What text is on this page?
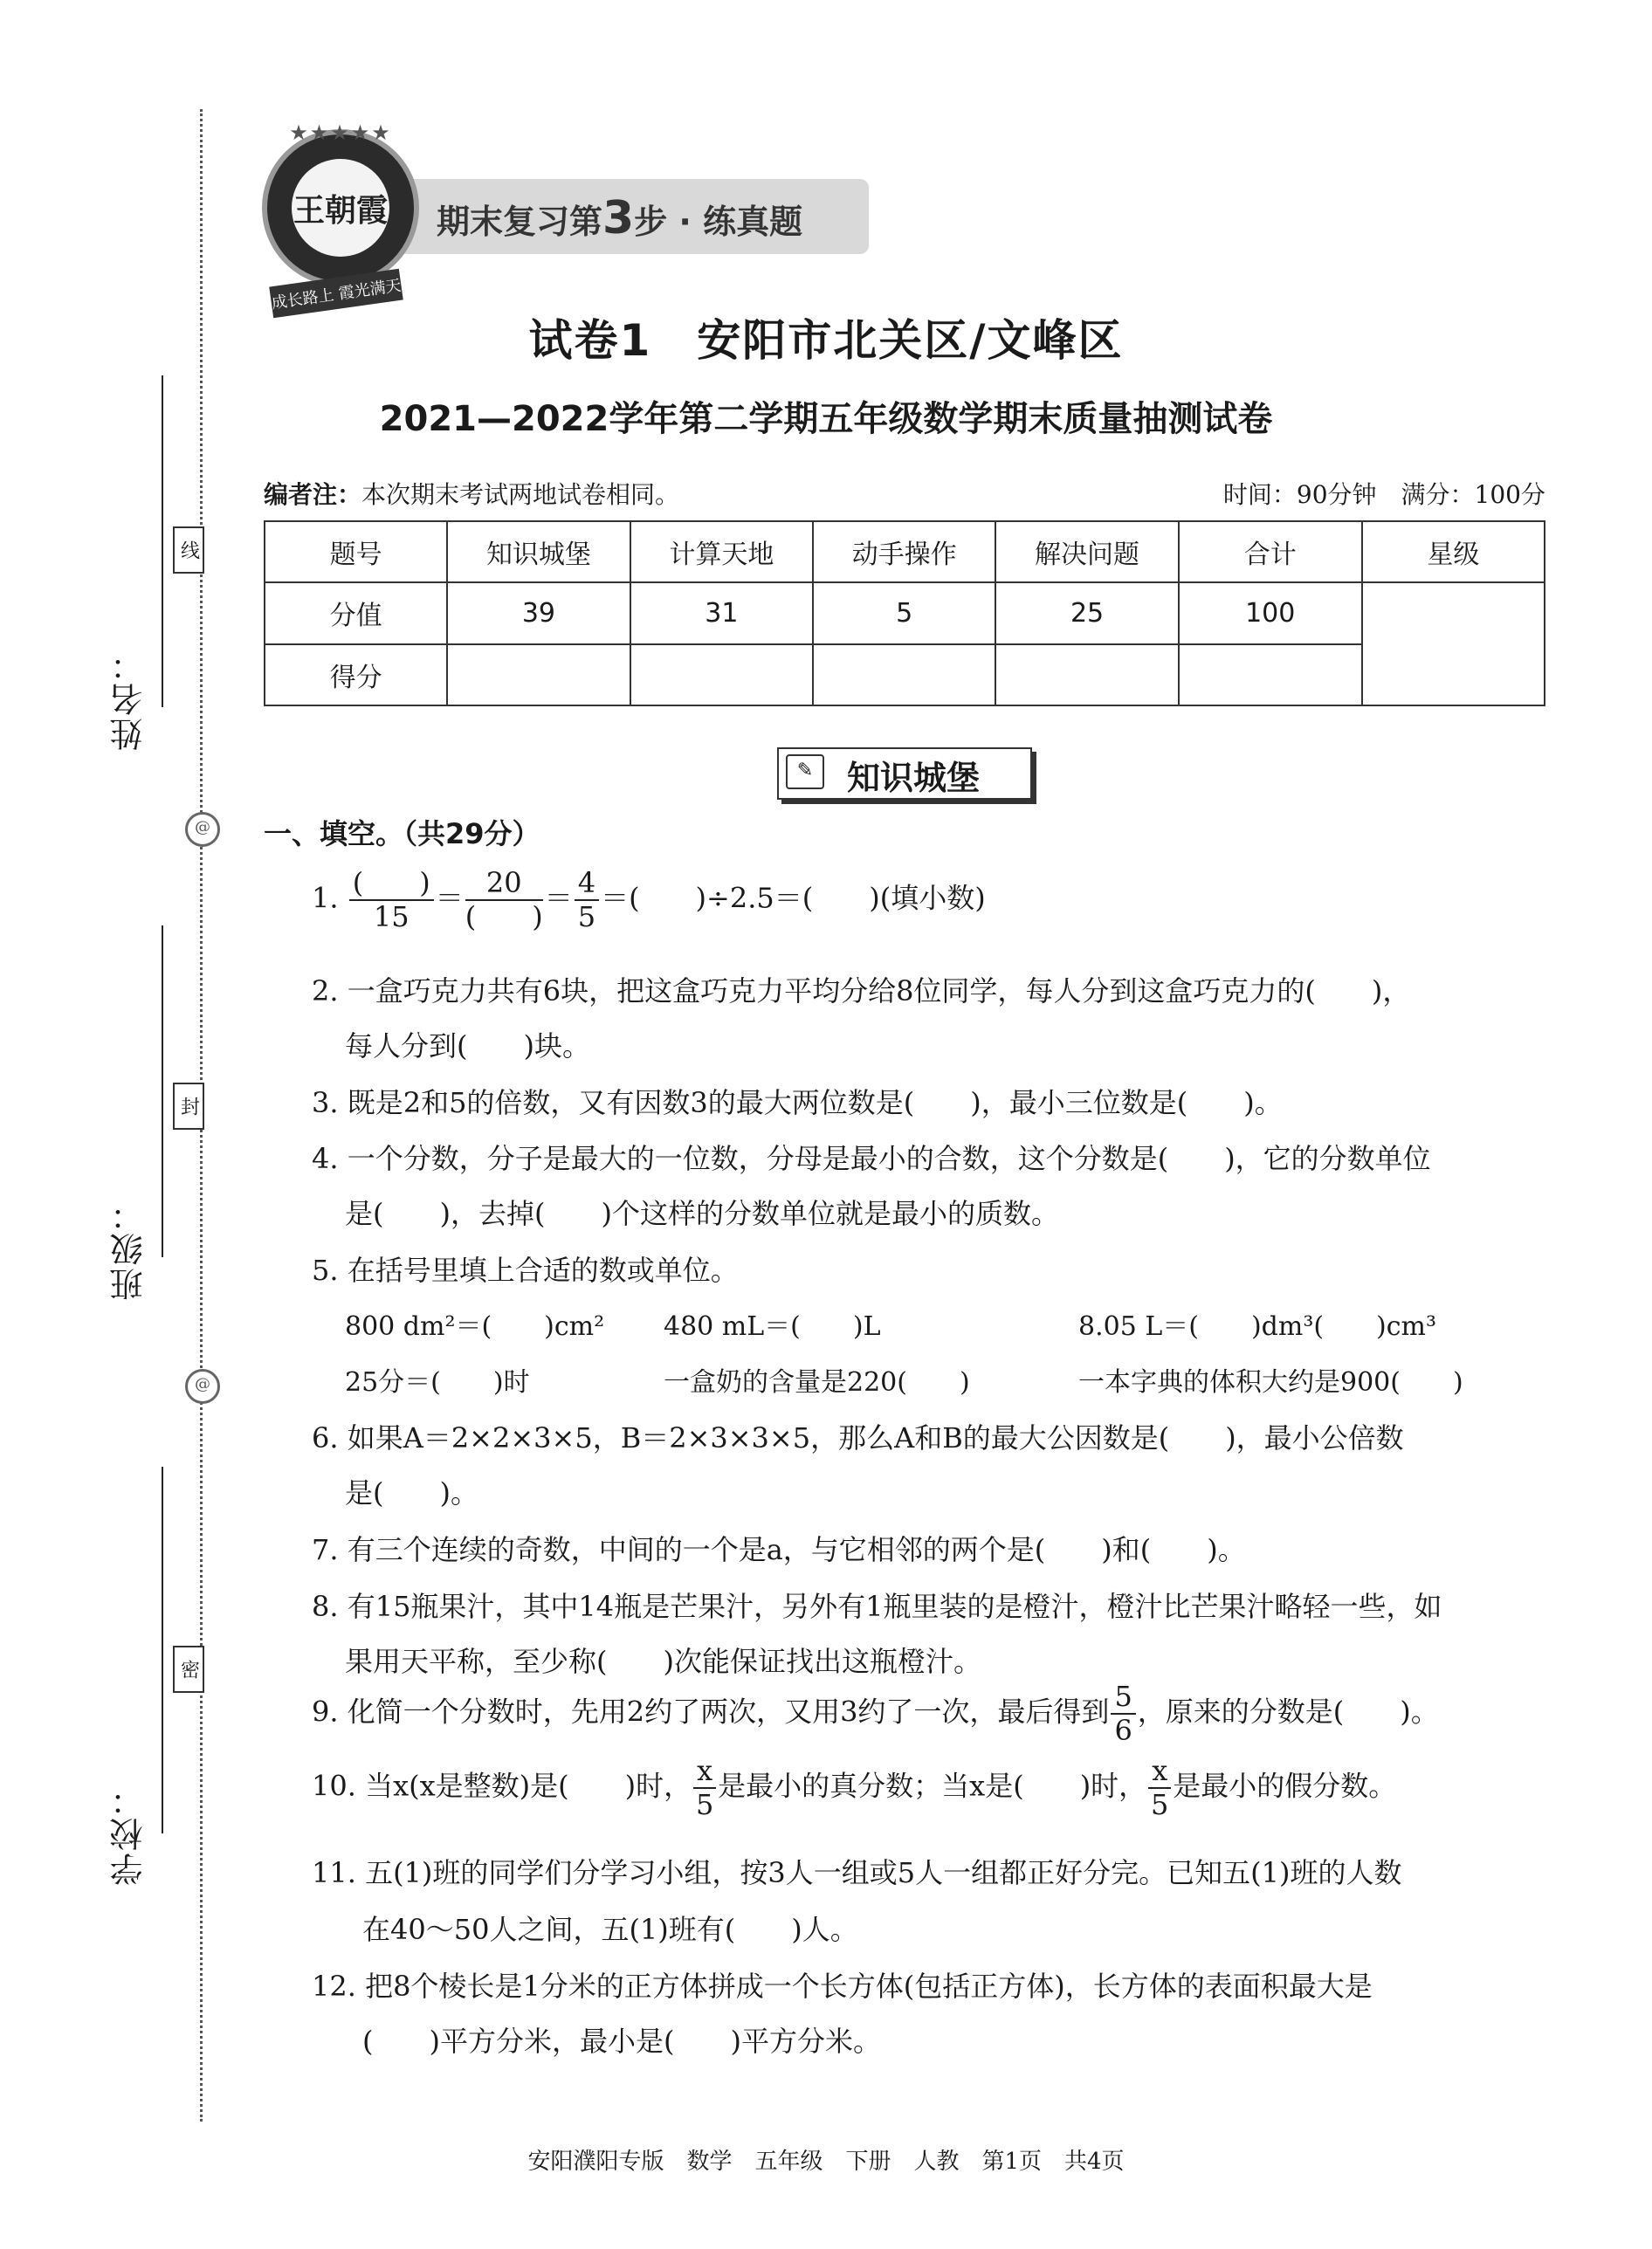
姓名：
班级：
学校：
线
封
密
@
@
期末复习第3步 · 练真题
王朝霞
★★★★★
成长路上 霞光满天
试卷1　安阳市北关区/文峰区
2021—2022学年第二学期五年级数学期末质量抽测试卷
编者注：本次期末考试两地试卷相同。	时间：90分钟　满分：100分
题号	知识城堡	计算天地	动手操作	解决问题	合计	星级
分值	39	31	5	25	100	
得分						
✎	知识城堡
一、填空。（共29分）
1. $\frac{( )}{15} = \frac{20}{( )} = \frac{4}{5}$ ＝(　　)÷2.5＝(　　)(填小数)
2. 一盒巧克力共有6块，把这盒巧克力平均分给8位同学，每人分到这盒巧克力的(　　)，
每人分到(　　)块。
3. 既是2和5的倍数，又有因数3的最大两位数是(　　)，最小三位数是(　　)。
4. 一个分数，分子是最大的一位数，分母是最小的合数，这个分数是(　　)，它的分数单位
是(　　)，去掉(　　)个这样的分数单位就是最小的质数。
5. 在括号里填上合适的数或单位。
800 dm²＝(　　)cm² 480 mL＝(　　)L	8.05 L＝(　　)dm³(　　)cm³
25分＝(　　)时	一盒奶的含量是220(　　)	一本字典的体积大约是900(　　)
6. 如果A＝2×2×3×5，B＝2×3×3×5，那么A和B的最大公因数是(　　)，最小公倍数
是(　　)。
7. 有三个连续的奇数，中间的一个是a，与它相邻的两个是(　　)和(　　)。
8. 有15瓶果汁，其中14瓶是芒果汁，另外有1瓶里装的是橙汁，橙汁比芒果汁略轻一些，如
果用天平称，至少称(　　)次能保证找出这瓶橙汁。
9. 化简一个分数时，先用2约了两次，又用3约了一次，最后得到 $\frac{5}{6}$ ，原来的分数是(　　)。
10. 当x(x是整数)是(　　)时， $\frac{x}{5}$ 是最小的真分数；当x是(　　)时， $\frac{x}{5}$ 是最小的假分数。
11. 五(1)班的同学们分学习小组，按3人一组或5人一组都正好分完。已知五(1)班的人数
在40～50人之间，五(1)班有(　　)人。
12. 把8个棱长是1分米的正方体拼成一个长方体(包括正方体)，长方体的表面积最大是
(　　)平方分米，最小是(　　)平方分米。
安阳濮阳专版　数学　五年级　下册　人教　第1页　共4页
